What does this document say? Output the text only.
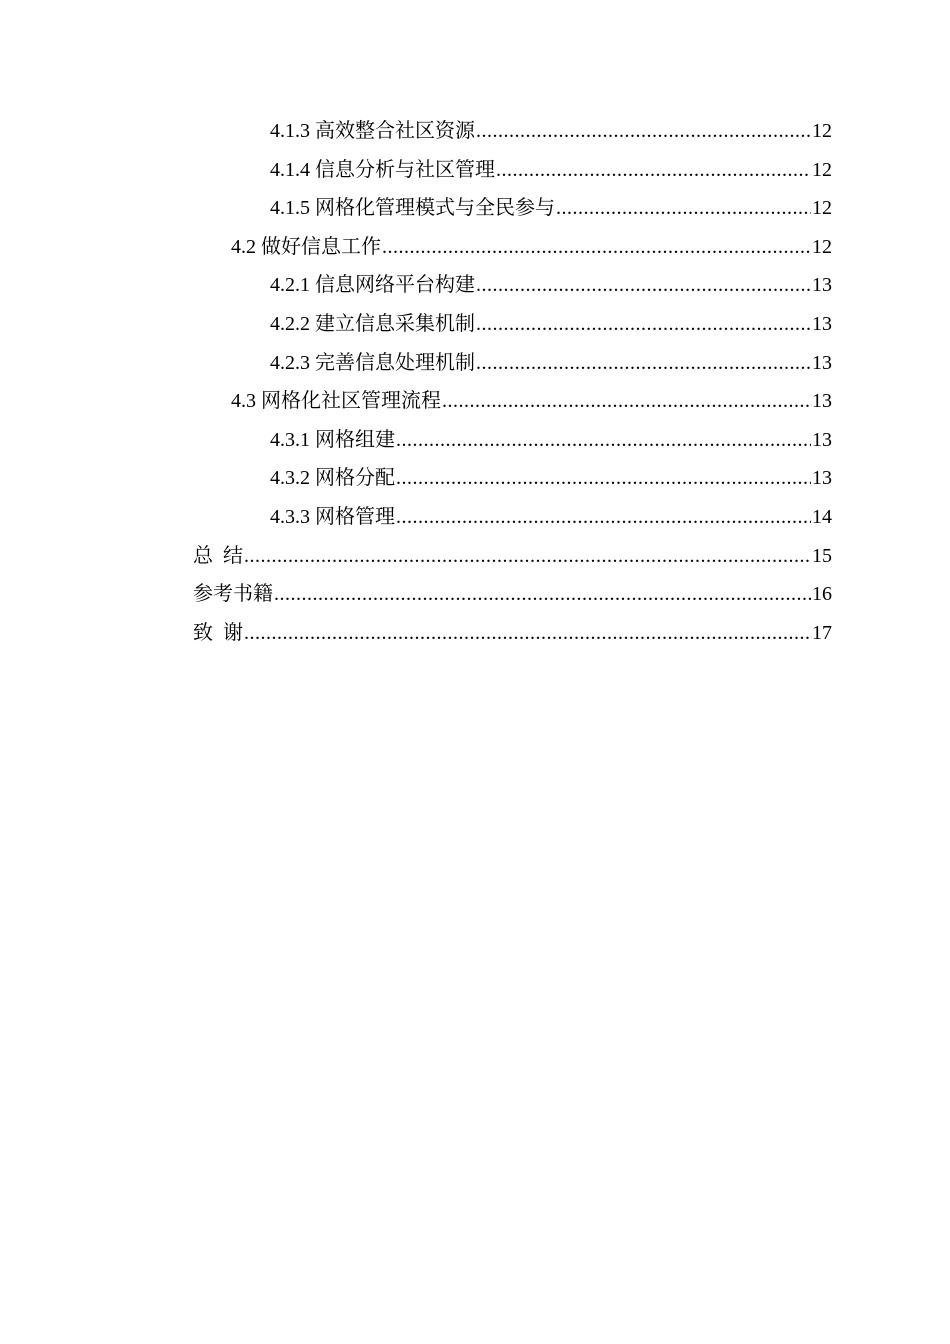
4.1.3 高效整合社区资源 .....	12
4.1.4 信息分析与社区管理 .....	12
4.1.5 网格化管理模式与全民参与 .....	12
4.2 做好信息工作 .....	12
4.2.1 信息网络平台构建 .....	13
4.2.2 建立信息采集机制 .....	13
4.2.3 完善信息处理机制 .....	13
4.3 网格化社区管理流程 .....	13
4.3.1 网格组建 .....	13
4.3.2 网格分配 .....	13
4.3.3 网格管理 .....	14
总  结 .....	15
参考书籍 .....	16
致  谢 .....	17
